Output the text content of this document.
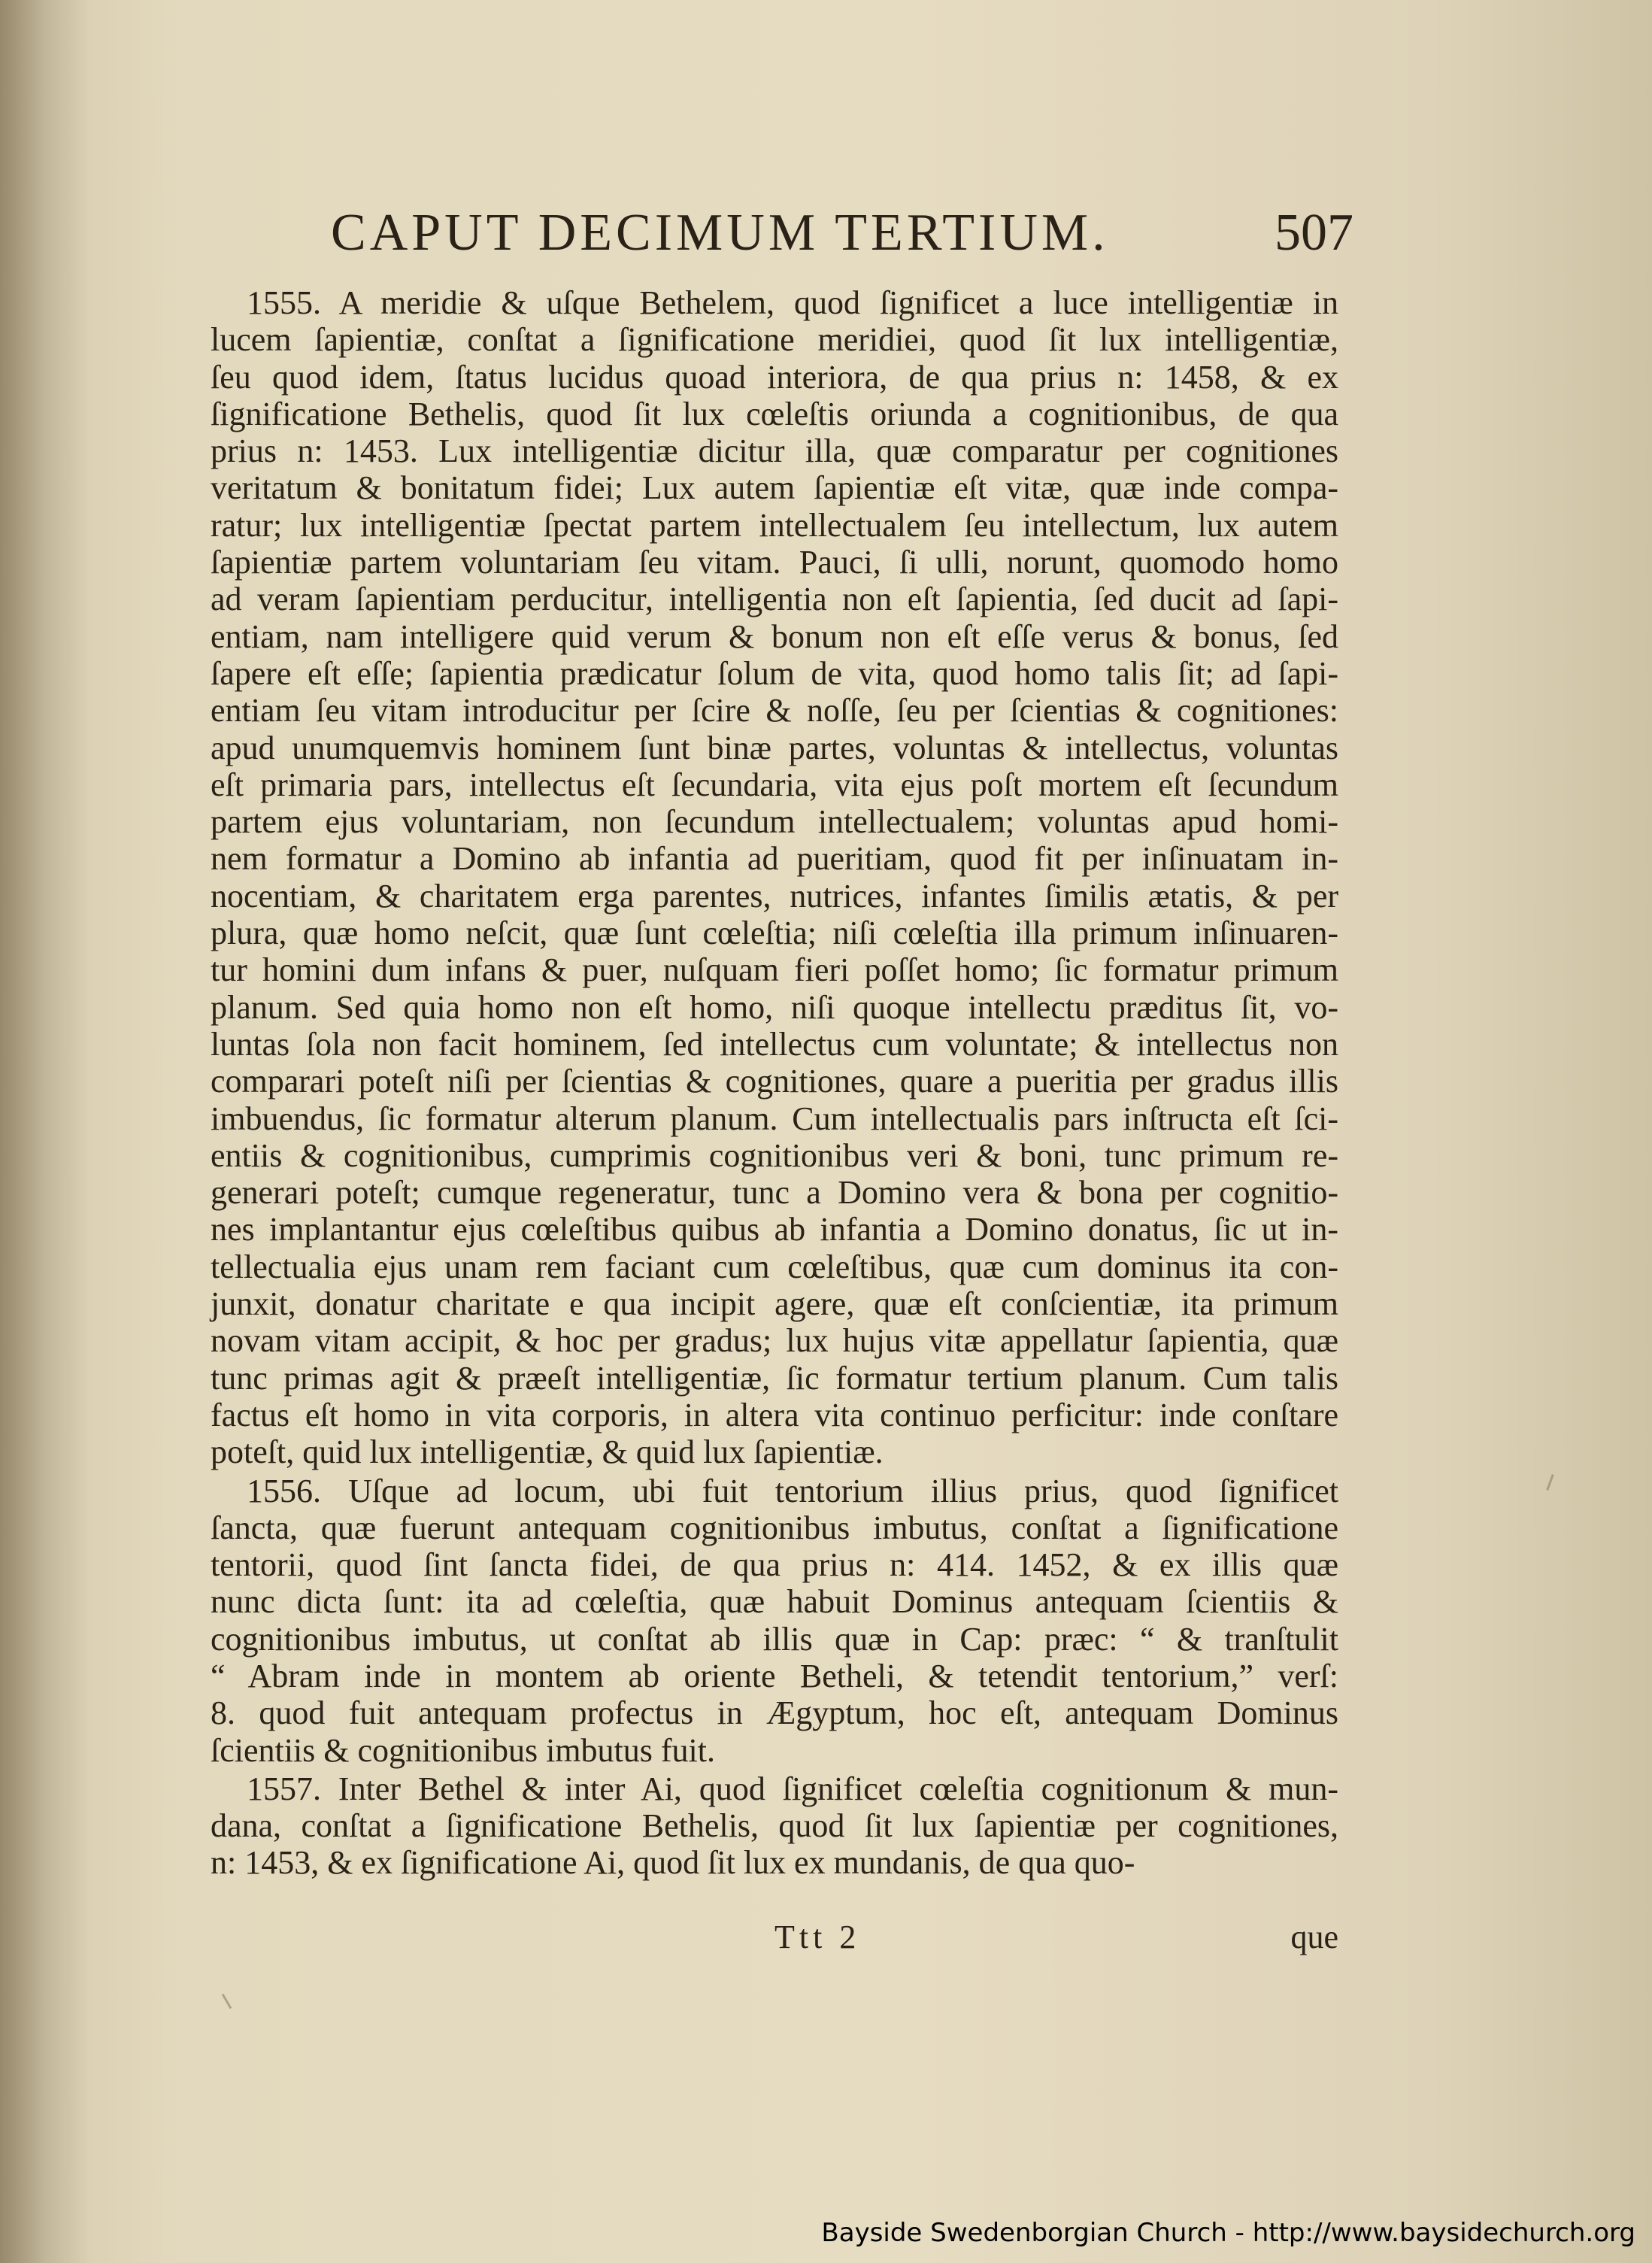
CAPUT DECIMUM TERTIUM.	507
1555. A meridie & uſque Bethelem, quod ſignificet a luce intelligentiæ in
lucem ſapientiæ, conſtat a ſignificatione meridiei, quod ſit lux intelligentiæ,
ſeu quod idem, ſtatus lucidus quoad interiora, de qua prius n: 1458, & ex
ſignificatione Bethelis, quod ſit lux cœleſtis oriunda a cognitionibus, de qua
prius n: 1453. Lux intelligentiæ dicitur illa, quæ comparatur per cognitiones
veritatum & bonitatum fidei; Lux autem ſapientiæ eſt vitæ, quæ inde compa-
ratur; lux intelligentiæ ſpectat partem intellectualem ſeu intellectum, lux autem
ſapientiæ partem voluntariam ſeu vitam. Pauci, ſi ulli, norunt, quomodo homo
ad veram ſapientiam perducitur, intelligentia non eſt ſapientia, ſed ducit ad ſapi-
entiam, nam intelligere quid verum & bonum non eſt eſſe verus & bonus, ſed
ſapere eſt eſſe; ſapientia prædicatur ſolum de vita, quod homo talis ſit; ad ſapi-
entiam ſeu vitam introducitur per ſcire & noſſe, ſeu per ſcientias & cognitiones:
apud unumquemvis hominem ſunt binæ partes, voluntas & intellectus, voluntas
eſt primaria pars, intellectus eſt ſecundaria, vita ejus poſt mortem eſt ſecundum
partem ejus voluntariam, non ſecundum intellectualem; voluntas apud homi-
nem formatur a Domino ab infantia ad pueritiam, quod fit per inſinuatam in-
nocentiam, & charitatem erga parentes, nutrices, infantes ſimilis ætatis, & per
plura, quæ homo neſcit, quæ ſunt cœleſtia; niſi cœleſtia illa primum inſinuaren-
tur homini dum infans & puer, nuſquam fieri poſſet homo; ſic formatur primum
planum. Sed quia homo non eſt homo, niſi quoque intellectu præditus ſit, vo-
luntas ſola non facit hominem, ſed intellectus cum voluntate; & intellectus non
comparari poteſt niſi per ſcientias & cognitiones, quare a pueritia per gradus illis
imbuendus, ſic formatur alterum planum. Cum intellectualis pars inſtructa eſt ſci-
entiis & cognitionibus, cumprimis cognitionibus veri & boni, tunc primum re-
generari poteſt; cumque regeneratur, tunc a Domino vera & bona per cognitio-
nes implantantur ejus cœleſtibus quibus ab infantia a Domino donatus, ſic ut in-
tellectualia ejus unam rem faciant cum cœleſtibus, quæ cum dominus ita con-
junxit, donatur charitate e qua incipit agere, quæ eſt conſcientiæ, ita primum
novam vitam accipit, & hoc per gradus; lux hujus vitæ appellatur ſapientia, quæ
tunc primas agit & præeſt intelligentiæ, ſic formatur tertium planum. Cum talis
factus eſt homo in vita corporis, in altera vita continuo perficitur: inde conſtare
poteſt, quid lux intelligentiæ, & quid lux ſapientiæ.
1556. Uſque ad locum, ubi fuit tentorium illius prius, quod ſignificet
ſancta, quæ fuerunt antequam cognitionibus imbutus, conſtat a ſignificatione
tentorii, quod ſint ſancta fidei, de qua prius n: 414. 1452, & ex illis quæ
nunc dicta ſunt: ita ad cœleſtia, quæ habuit Dominus antequam ſcientiis &
cognitionibus imbutus, ut conſtat ab illis quæ in Cap: præc: “ & tranſtulit
“ Abram inde in montem ab oriente Betheli, & tetendit tentorium,” verſ:
8. quod fuit antequam profectus in Ægyptum, hoc eſt, antequam Dominus
ſcientiis & cognitionibus imbutus fuit.
1557. Inter Bethel & inter Ai, quod ſignificet cœleſtia cognitionum & mun-
dana, conſtat a ſignificatione Bethelis, quod ſit lux ſapientiæ per cognitiones,
n: 1453, & ex ſignificatione Ai, quod ſit lux ex mundanis, de qua quo-
Ttt 2	que
Bayside Swedenborgian Church - http://www.baysidechurch.org
